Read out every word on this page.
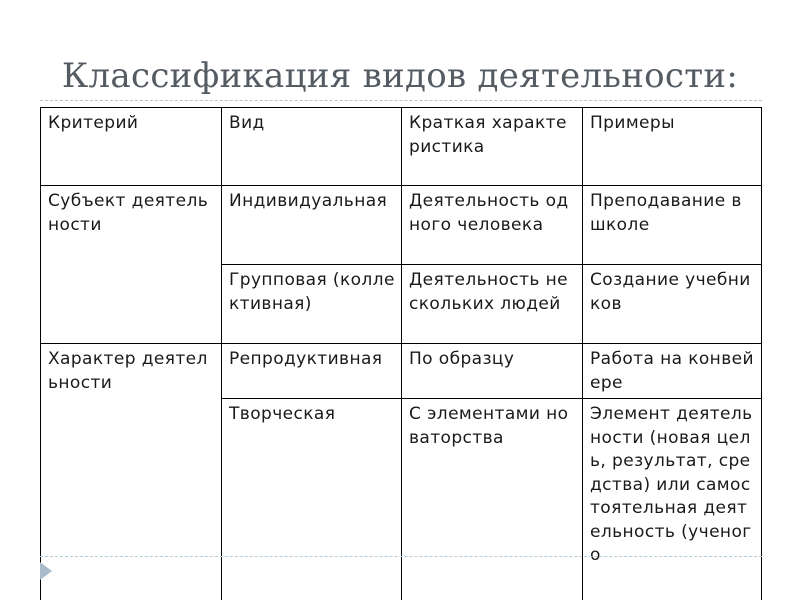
Классификация видов деятельности:
Критерий	Вид	Краткая характеристика	Примеры
Субъект деятельности	Индивидуальная	Деятельность одного человека	Преподавание в школе
	Групповая (коллективная)	Деятельность нескольких людей	Создание учебников
Характер деятельности	Репродуктивная	По образцу	Работа на конвейере
	Творческая	С элементами новаторства	Элемент деятельности (новая цель, результат, средства) или самостоятельная деятельность (ученого
